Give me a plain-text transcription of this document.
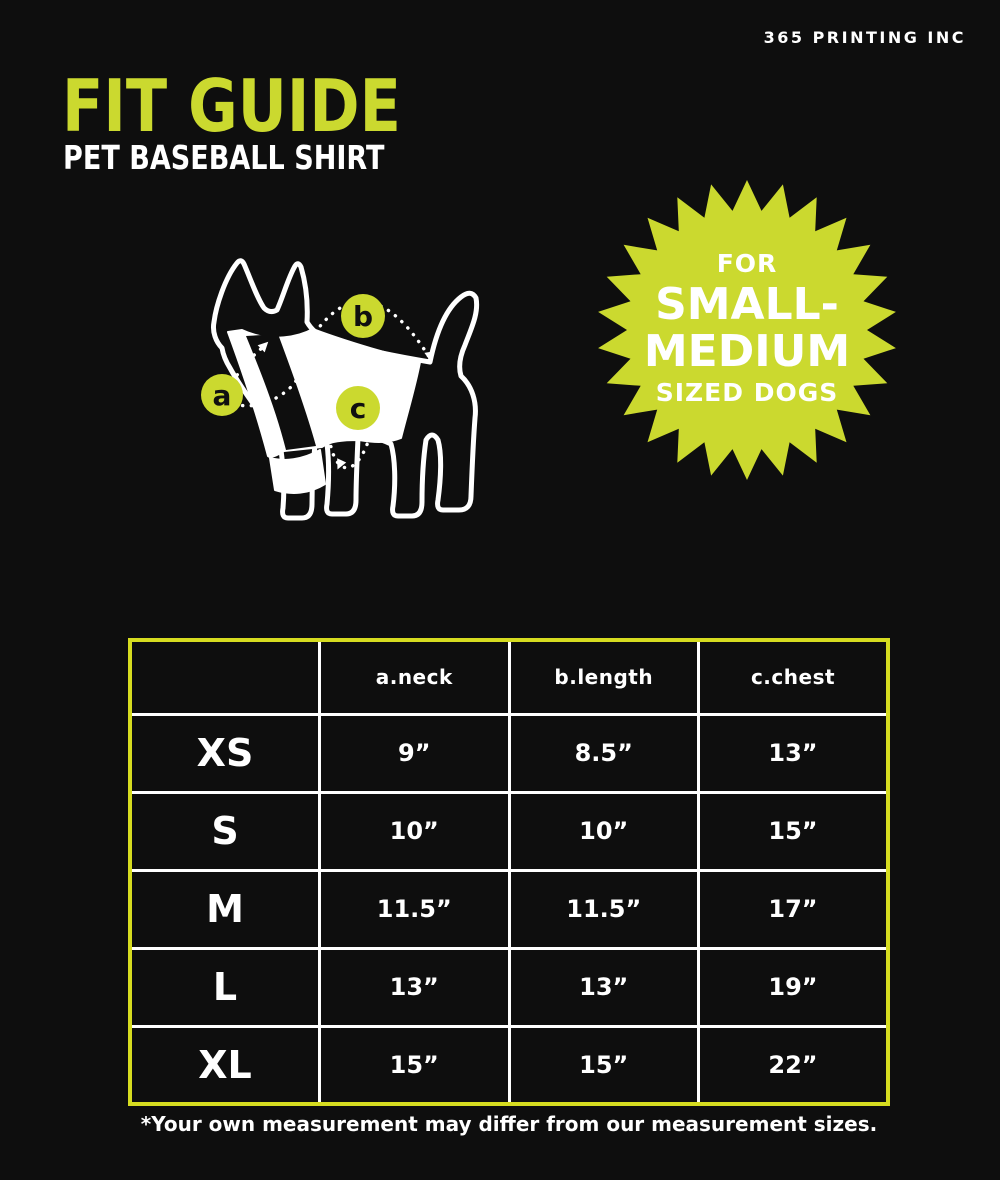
365 PRINTING INC
FIT GUIDE
PET BASEBALL SHIRT
FOR
SMALL-
MEDIUM
SIZED DOGS
a
b
c
	a.neck	b.length	c.chest
XS	9”	8.5”	13”
S	10”	10”	15”
M	11.5”	11.5”	17”
L	13”	13”	19”
XL	15”	15”	22”
*Your own measurement may differ from our measurement sizes.
